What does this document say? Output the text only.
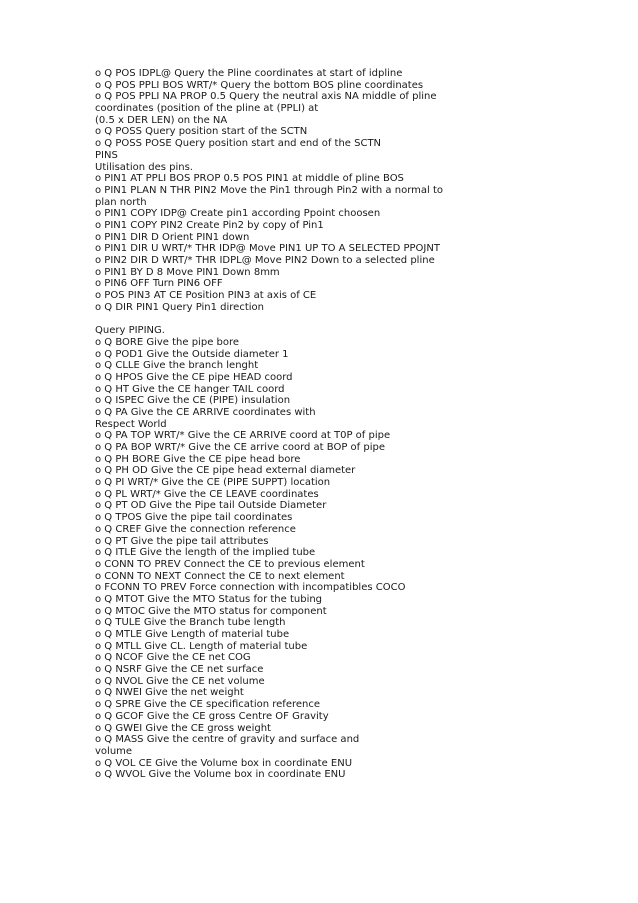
o Q POS IDPL@ Query the Pline coordinates at start of idpline
o Q POS PPLI BOS WRT/* Query the bottom BOS pline coordinates
o Q POS PPLI NA PROP 0.5 Query the neutral axis NA middle of pline
coordinates (position of the pline at (PPLI) at
(0.5 x DER LEN) on the NA
o Q POSS Query position start of the SCTN
o Q POSS POSE Query position start and end of the SCTN
PINS
Utilisation des pins.
o PIN1 AT PPLI BOS PROP 0.5 POS PIN1 at middle of pline BOS
o PIN1 PLAN N THR PIN2 Move the Pin1 through Pin2 with a normal to
plan north
o PIN1 COPY IDP@ Create pin1 according Ppoint choosen
o PIN1 COPY PIN2 Create Pin2 by copy of Pin1
o PIN1 DIR D Orient PIN1 down
o PIN1 DIR U WRT/* THR IDP@ Move PIN1 UP TO A SELECTED PPOJNT
o PIN2 DIR D WRT/* THR IDPL@ Move PIN2 Down to a selected pline
o PIN1 BY D 8 Move PIN1 Down 8mm
o PIN6 OFF Turn PIN6 OFF
o POS PIN3 AT CE Position PIN3 at axis of CE
o Q DIR PIN1 Query Pin1 direction
Query PIPING.
o Q BORE Give the pipe bore
o Q POD1 Give the Outside diameter 1
o Q CLLE Give the branch lenght
o Q HPOS Give the CE pipe HEAD coord
o Q HT Give the CE hanger TAIL coord
o Q ISPEC Give the CE (PIPE) insulation
o Q PA Give the CE ARRIVE coordinates with
Respect World
o Q PA TOP WRT/* Give the CE ARRIVE coord at T0P of pipe
o Q PA BOP WRT/* Give the CE arrive coord at BOP of pipe
o Q PH BORE Give the CE pipe head bore
o Q PH OD Give the CE pipe head external diameter
o Q PI WRT/* Give the CE (PIPE SUPPT) location
o Q PL WRT/* Give the CE LEAVE coordinates
o Q PT OD Give the Pipe tail Outside Diameter
o Q TPOS Give the pipe tail coordinates
o Q CREF Give the connection reference
o Q PT Give the pipe tail attributes
o Q ITLE Give the length of the implied tube
o CONN TO PREV Connect the CE to previous element
o CONN TO NEXT Connect the CE to next element
o FCONN TO PREV Force connection with incompatibles COCO
o Q MTOT Give the MTO Status for the tubing
o Q MTOC Give the MTO status for component
o Q TULE Give the Branch tube length
o Q MTLE Give Length of material tube
o Q MTLL Give CL. Length of material tube
o Q NCOF Give the CE net COG
o Q NSRF Give the CE net surface
o Q NVOL Give the CE net volume
o Q NWEI Give the net weight
o Q SPRE Give the CE specification reference
o Q GCOF Give the CE gross Centre OF Gravity
o Q GWEI Give the CE gross weight
o Q MASS Give the centre of gravity and surface and
volume
o Q VOL CE Give the Volume box in coordinate ENU
o Q WVOL Give the Volume box in coordinate ENU
